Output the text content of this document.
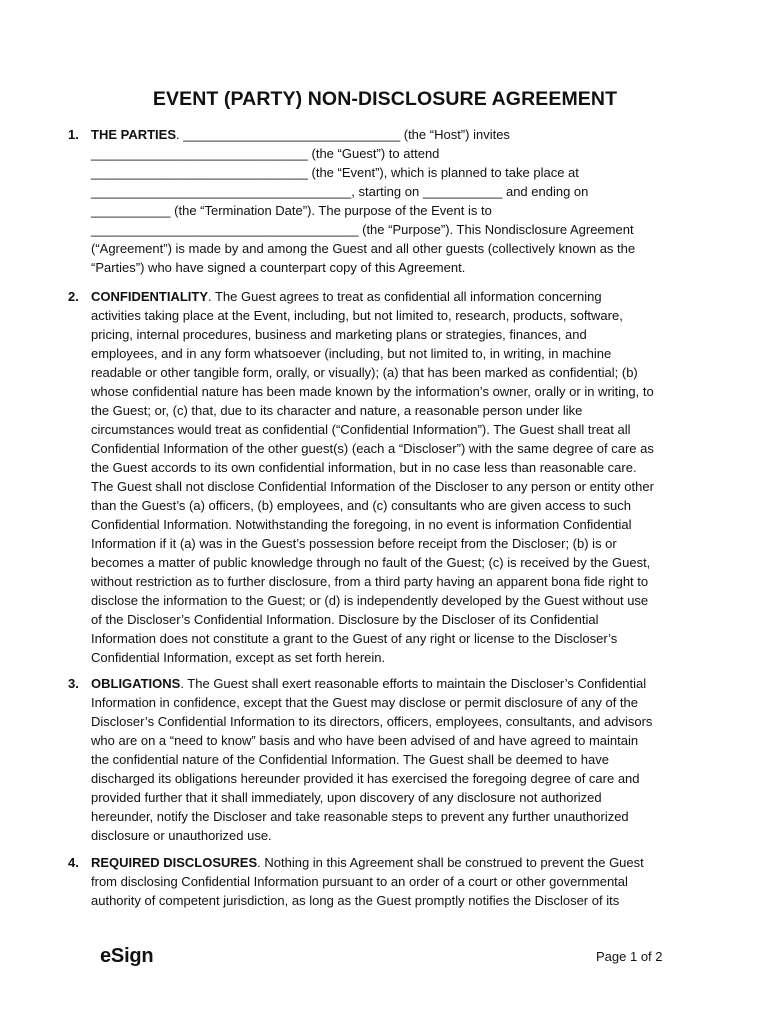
EVENT (PARTY) NON-DISCLOSURE AGREEMENT
1. THE PARTIES. ______________________________ (the “Host”) invites
______________________________ (the “Guest”) to attend
______________________________ (the “Event”), which is planned to take place at
____________________________________, starting on ___________ and ending on
___________ (the “Termination Date”). The purpose of the Event is to
_____________________________________ (the “Purpose”). This Nondisclosure Agreement
(“Agreement”) is made by and among the Guest and all other guests (collectively known as the
“Parties”) who have signed a counterpart copy of this Agreement.
2. CONFIDENTIALITY. The Guest agrees to treat as confidential all information concerning
activities taking place at the Event, including, but not limited to, research, products, software,
pricing, internal procedures, business and marketing plans or strategies, finances, and
employees, and in any form whatsoever (including, but not limited to, in writing, in machine
readable or other tangible form, orally, or visually); (a) that has been marked as confidential; (b)
whose confidential nature has been made known by the information’s owner, orally or in writing, to
the Guest; or, (c) that, due to its character and nature, a reasonable person under like
circumstances would treat as confidential (“Confidential Information”). The Guest shall treat all
Confidential Information of the other guest(s) (each a “Discloser”) with the same degree of care as
the Guest accords to its own confidential information, but in no case less than reasonable care.
The Guest shall not disclose Confidential Information of the Discloser to any person or entity other
than the Guest’s (a) officers, (b) employees, and (c) consultants who are given access to such
Confidential Information. Notwithstanding the foregoing, in no event is information Confidential
Information if it (a) was in the Guest’s possession before receipt from the Discloser; (b) is or
becomes a matter of public knowledge through no fault of the Guest; (c) is received by the Guest,
without restriction as to further disclosure, from a third party having an apparent bona fide right to
disclose the information to the Guest; or (d) is independently developed by the Guest without use
of the Discloser’s Confidential Information. Disclosure by the Discloser of its Confidential
Information does not constitute a grant to the Guest of any right or license to the Discloser’s
Confidential Information, except as set forth herein.
3. OBLIGATIONS. The Guest shall exert reasonable efforts to maintain the Discloser’s Confidential
Information in confidence, except that the Guest may disclose or permit disclosure of any of the
Discloser’s Confidential Information to its directors, officers, employees, consultants, and advisors
who are on a “need to know” basis and who have been advised of and have agreed to maintain
the confidential nature of the Confidential Information. The Guest shall be deemed to have
discharged its obligations hereunder provided it has exercised the foregoing degree of care and
provided further that it shall immediately, upon discovery of any disclosure not authorized
hereunder, notify the Discloser and take reasonable steps to prevent any further unauthorized
disclosure or unauthorized use.
4. REQUIRED DISCLOSURES. Nothing in this Agreement shall be construed to prevent the Guest
from disclosing Confidential Information pursuant to an order of a court or other governmental
authority of competent jurisdiction, as long as the Guest promptly notifies the Discloser of its
eSign	Page 1 of 2
